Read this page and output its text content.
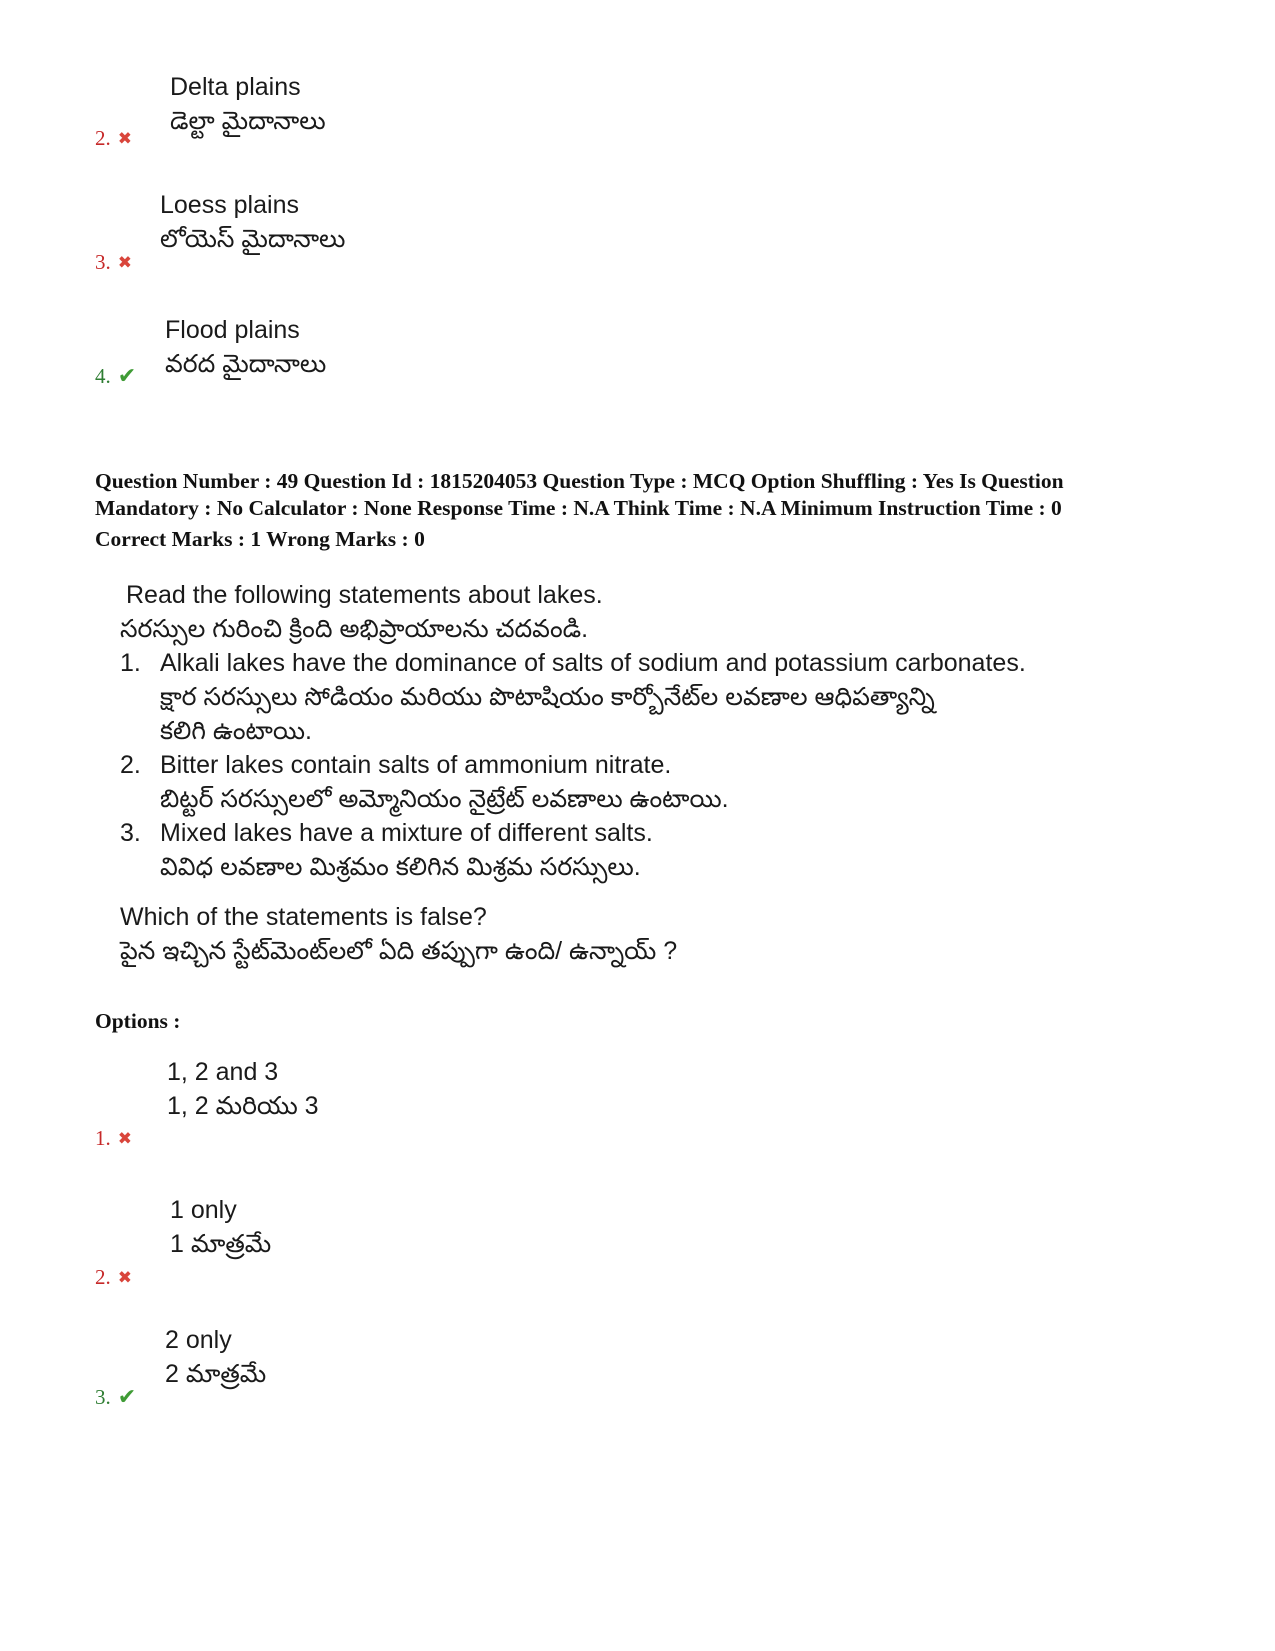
Delta plains
డెల్టా మైదానాలు
2. ✖
Loess plains
లోయెస్ మైదానాలు
3. ✖
Flood plains
వరద మైదానాలు
4. ✔
Question Number : 49 Question Id : 1815204053 Question Type : MCQ Option Shuffling : Yes Is Question
Mandatory : No Calculator : None Response Time : N.A Think Time : N.A Minimum Instruction Time : 0
Correct Marks : 1 Wrong Marks : 0
Read the following statements about lakes.
సరస్సుల గురించి క్రింది అభిప్రాయాలను చదవండి.
1. Alkali lakes have the dominance of salts of sodium and potassium carbonates.
క్షార సరస్సులు సోడియం మరియు పొటాషియం కార్బోనేట్‌ల లవణాల ఆధిపత్యాన్ని
కలిగి ఉంటాయి.
2. Bitter lakes contain salts of ammonium nitrate.
బిట్టర్ సరస్సులలో అమ్మోనియం నైట్రేట్ లవణాలు ఉంటాయి.
3. Mixed lakes have a mixture of different salts.
వివిధ లవణాల మిశ్రమం కలిగిన మిశ్రమ సరస్సులు.
Which of the statements is false?
పైన ఇచ్చిన స్టేట్‌మెంట్‌లలో ఏది తప్పుగా ఉంది/ ఉన్నాయ్ ?
Options :
1, 2 and 3
1, 2 మరియు 3
1. ✖
1 only
1 మాత్రమే
2. ✖
2 only
2 మాత్రమే
3. ✔
